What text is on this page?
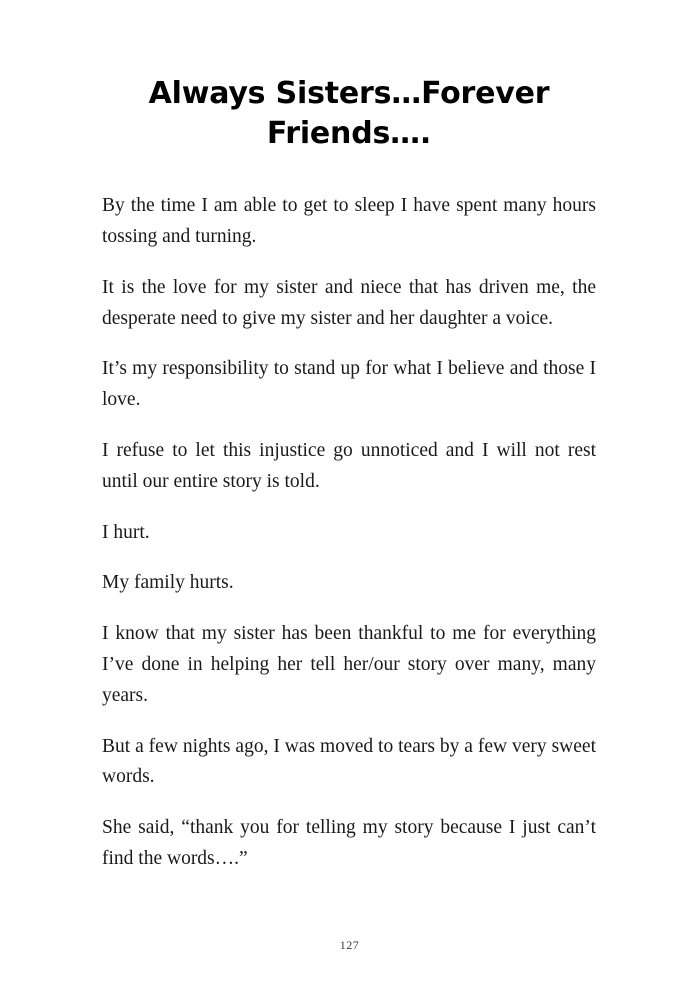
Always Sisters…Forever Friends….

By the time I am able to get to sleep I have spent many hours tossing and turning.

It is the love for my sister and niece that has driven me, the desperate need to give my sister and her daughter a voice.

It’s my responsibility to stand up for what I believe and those I love.

I refuse to let this injustice go unnoticed and I will not rest until our entire story is told.

I hurt.

My family hurts.

I know that my sister has been thankful to me for everything I’ve done in helping her tell her/our story over many, many years.

But a few nights ago, I was moved to tears by a few very sweet words.

She said, “thank you for telling my story because I just can’t find the words….”

127
